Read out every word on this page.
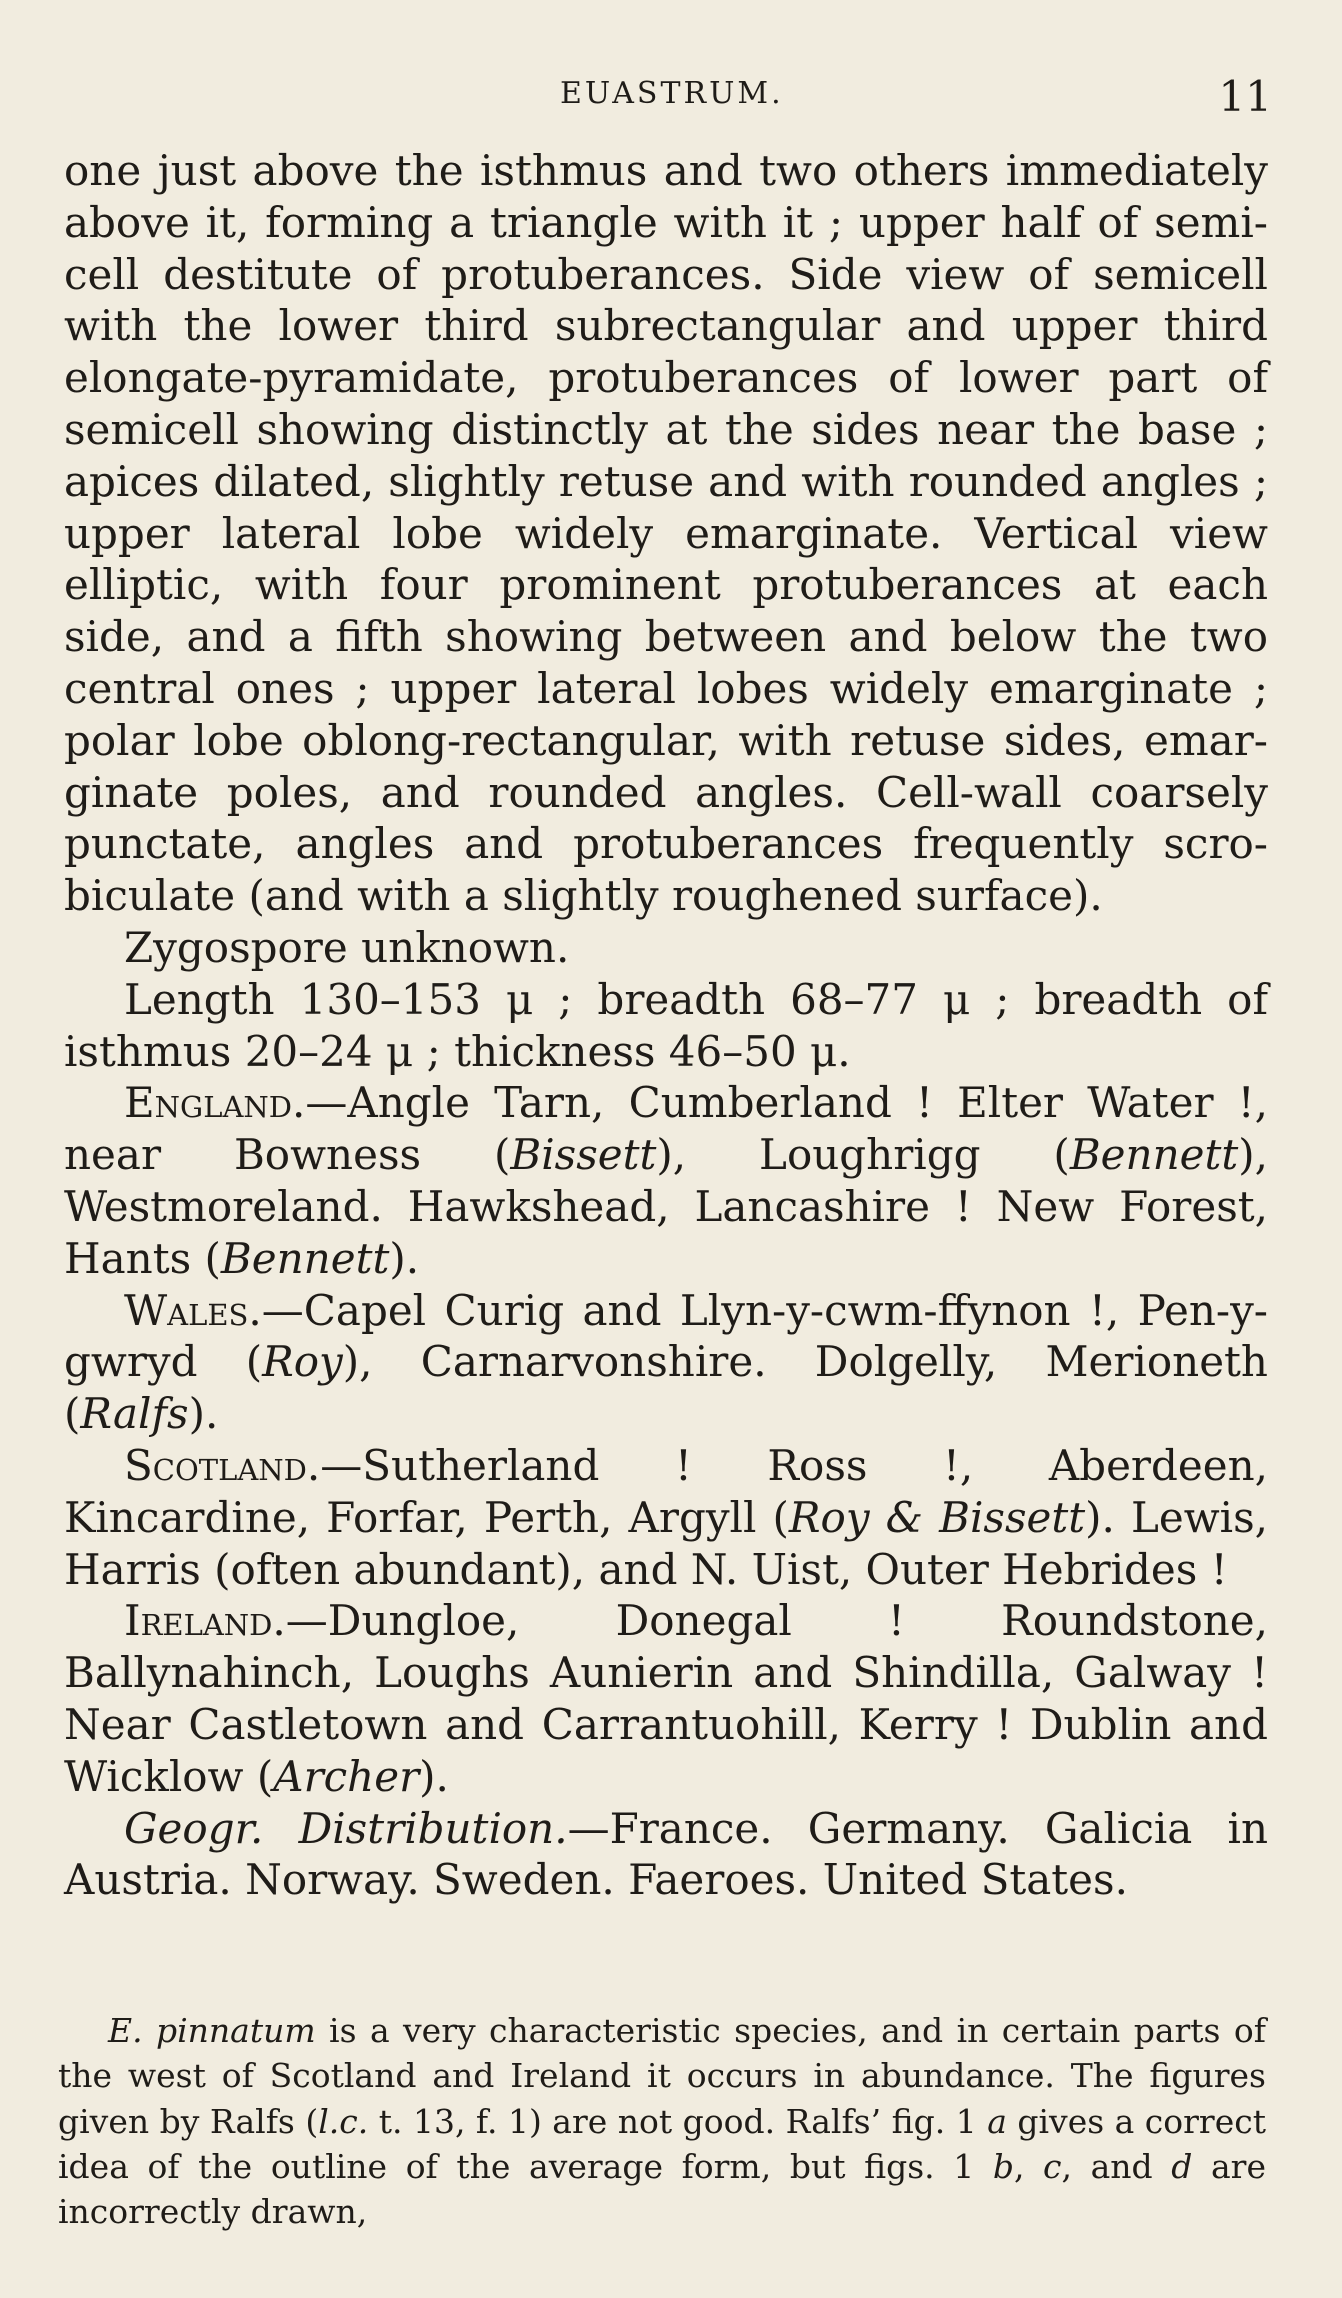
EUASTRUM.	11

one just above the isthmus and two others immediately above it, forming a triangle with it ; upper half of semi- cell destitute of protuberances. Side view of semicell with the lower third subrectangular and upper third elongate-pyramidate, protuberances of lower part of semicell showing distinctly at the sides near the base ; apices dilated, slightly retuse and with rounded angles ; upper lateral lobe widely emarginate. Vertical view elliptic, with four prominent protuberances at each side, and a fifth showing between and below the two central ones ; upper lateral lobes widely emarginate ; polar lobe oblong-rectangular, with retuse sides, emar- ginate poles, and rounded angles. Cell-wall coarsely punctate, angles and protuberances frequently scro- biculate (and with a slightly roughened surface).

Zygospore unknown.

Length 130–153 μ ; breadth 68–77 μ ; breadth of isthmus 20–24 μ ; thickness 46–50 μ.

England.—Angle Tarn, Cumberland ! Elter Water !, near Bowness (Bissett), Loughrigg (Bennett), Westmoreland. Hawkshead, Lancashire ! New Forest, Hants (Bennett).

Wales.—Capel Curig and Llyn-y-cwm-ffynon !, Pen-y-gwryd (Roy), Carnarvonshire. Dolgelly, Merioneth (Ralfs).

Scotland.—Sutherland ! Ross !, Aberdeen, Kincardine, Forfar, Perth, Argyll (Roy & Bissett). Lewis, Harris (often abundant), and N. Uist, Outer Hebrides !

Ireland.—Dungloe, Donegal ! Roundstone, Ballynahinch, Loughs Aunierin and Shindilla, Galway ! Near Castletown and Carrantuohill, Kerry ! Dublin and Wicklow (Archer).

Geogr. Distribution.—France. Germany. Galicia in Austria. Norway. Sweden. Faeroes. United States.

E. pinnatum is a very characteristic species, and in certain parts of the west of Scotland and Ireland it occurs in abundance. The figures given by Ralfs (l.c. t. 13, f. 1) are not good. Ralfs’ fig. 1 a gives a correct idea of the outline of the average form, but figs. 1 b, c, and d are incorrectly drawn,
